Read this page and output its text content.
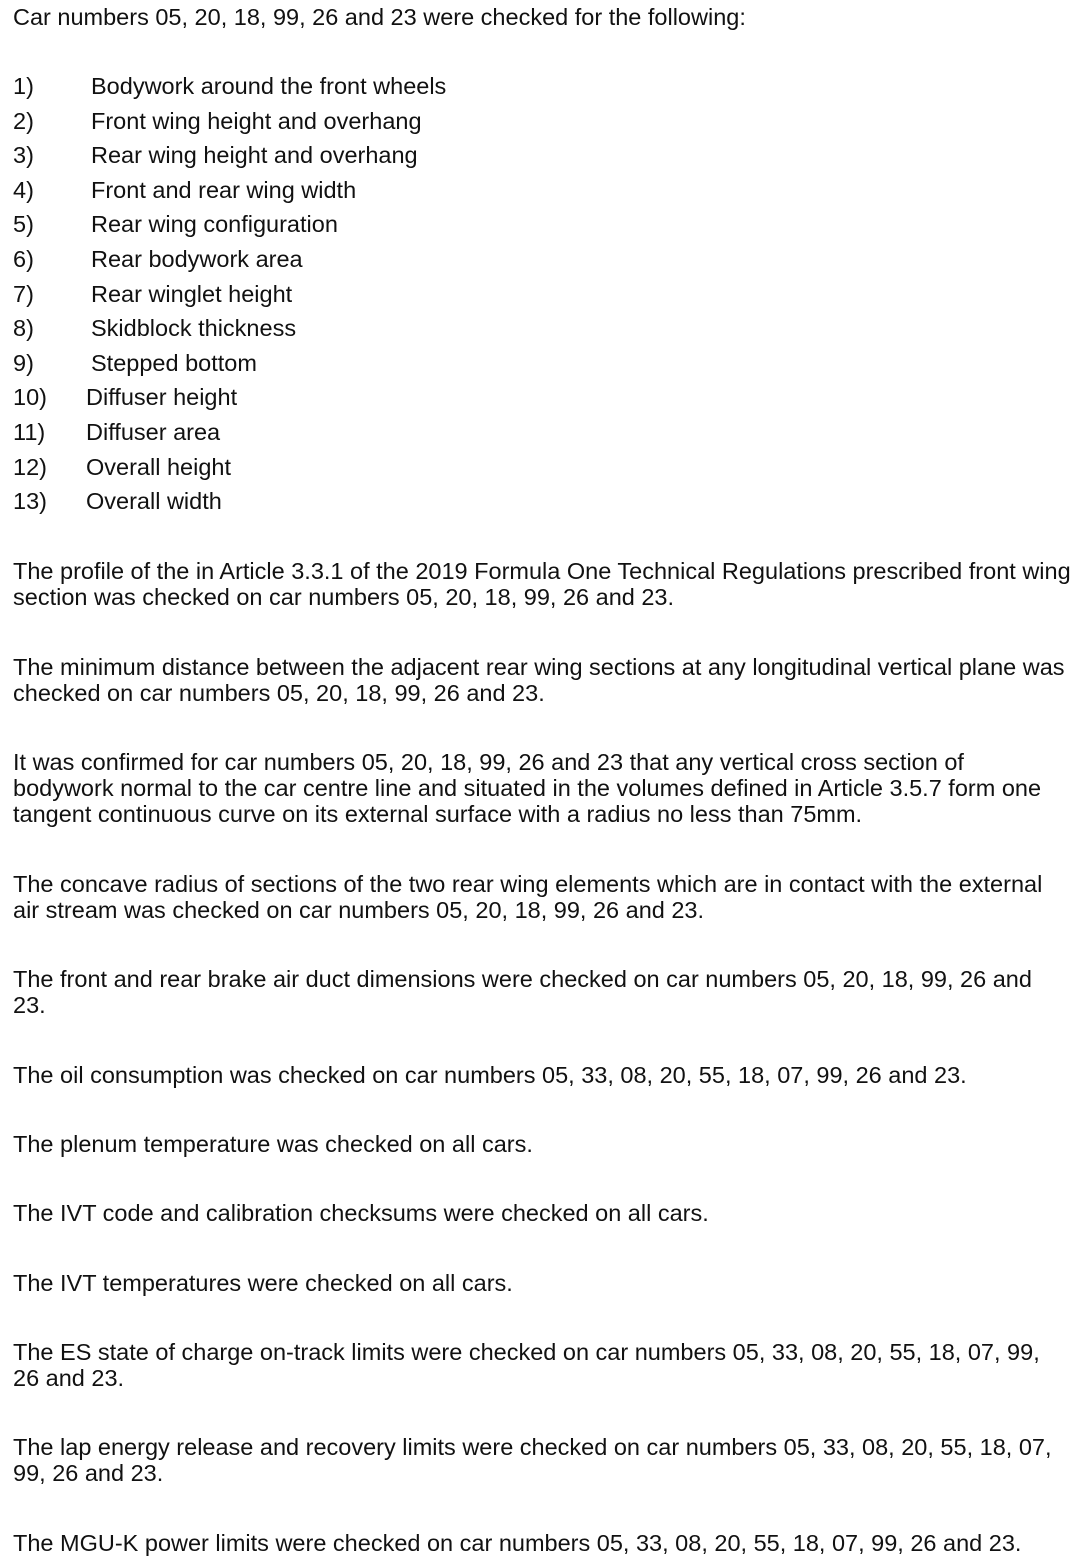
Car numbers 05, 20, 18, 99, 26 and 23 were checked for the following:
1) Bodywork around the front wheels
2) Front wing height and overhang
3) Rear wing height and overhang
4) Front and rear wing width
5) Rear wing configuration
6) Rear bodywork area
7) Rear winglet height
8) Skidblock thickness
9) Stepped bottom
10) Diffuser height
11) Diffuser area
12) Overall height
13) Overall width

The profile of the in Article 3.3.1 of the 2019 Formula One Technical Regulations prescribed front wing section was checked on car numbers 05, 20, 18, 99, 26 and 23.

The minimum distance between the adjacent rear wing sections at any longitudinal vertical plane was checked on car numbers 05, 20, 18, 99, 26 and 23.

It was confirmed for car numbers 05, 20, 18, 99, 26 and 23 that any vertical cross section of bodywork normal to the car centre line and situated in the volumes defined in Article 3.5.7 form one tangent continuous curve on its external surface with a radius no less than 75mm.

The concave radius of sections of the two rear wing elements which are in contact with the external air stream was checked on car numbers 05, 20, 18, 99, 26 and 23.

The front and rear brake air duct dimensions were checked on car numbers 05, 20, 18, 99, 26 and 23.

The oil consumption was checked on car numbers 05, 33, 08, 20, 55, 18, 07, 99, 26 and 23.

The plenum temperature was checked on all cars.

The IVT code and calibration checksums were checked on all cars.

The IVT temperatures were checked on all cars.

The ES state of charge on-track limits were checked on car numbers 05, 33, 08, 20, 55, 18, 07, 99, 26 and 23.

The lap energy release and recovery limits were checked on car numbers 05, 33, 08, 20, 55, 18, 07, 99, 26 and 23.

The MGU-K power limits were checked on car numbers 05, 33, 08, 20, 55, 18, 07, 99, 26 and 23.
